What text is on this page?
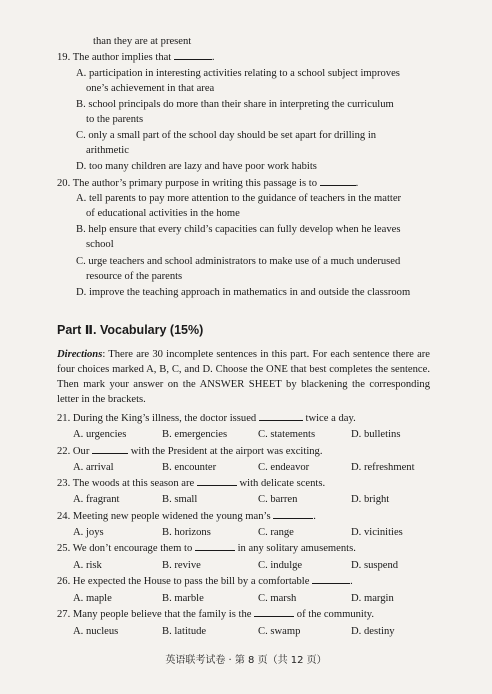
than they are at present
19. The author implies that	.
A. participation in interesting activities relating to a school subject improves
one’s achievement in that area
B. school principals do more than their share in interpreting the curriculum
to the parents
C. only a small part of the school day should be set apart for drilling in
arithmetic
D. too many children are lazy and have poor work habits
20. The author’s primary purpose in writing this passage is to	.
A. tell parents to pay more attention to the guidance of teachers in the matter
of educational activities in the home
B. help ensure that every child’s capacities can fully develop when he leaves
school
C. urge teachers and school administrators to make use of a much underused
resource of the parents
D. improve the teaching approach in mathematics in and outside the classroom
Part Ⅱ. Vocabulary (15%)
Directions: There are 30 incomplete sentences in this part. For each sentence there are four choices marked A, B, C, and D. Choose the ONE that best completes the sentence. Then mark your answer on the ANSWER SHEET by blackening the corresponding letter in the brackets.
21. During the King’s illness, the doctor issued	twice a day.
A. urgencies	B. emergencies	C. statements	D. bulletins
22. Our	with the President at the airport was exciting.
A. arrival	B. encounter	C. endeavor	D. refreshment
23. The woods at this season are	with delicate scents.
A. fragrant	B. small	C. barren	D. bright
24. Meeting new people widened the young man’s	.
A. joys	B. horizons	C. range	D. vicinities
25. We don’t encourage them to	in any solitary amusements.
A. risk	B. revive	C. indulge	D. suspend
26. He expected the House to pass the bill by a comfortable	.
A. maple	B. marble	C. marsh	D. margin
27. Many people believe that the family is the	of the community.
A. nucleus	B. latitude	C. swamp	D. destiny
英语联考试卷 · 第 8 页（共 12 页）
